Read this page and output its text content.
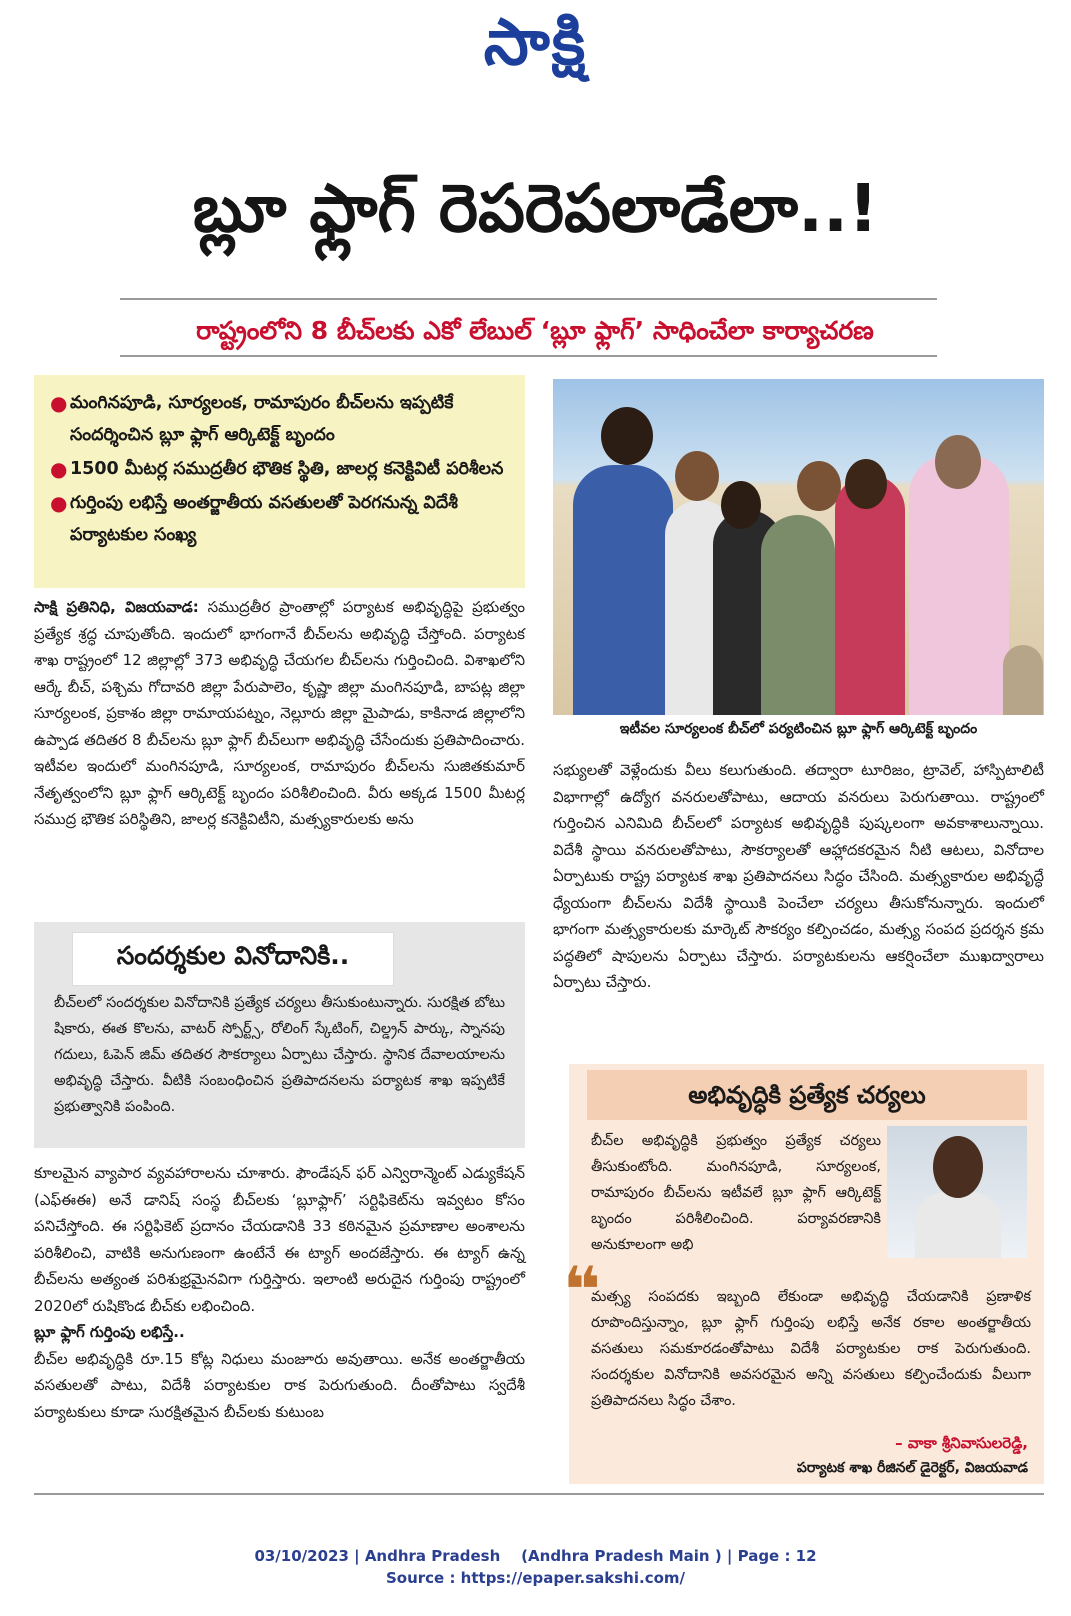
సాక్షి
బ్లూ ఫ్లాగ్ రెపరెపలాడేలా..!
రాష్ట్రంలోని 8 బీచ్‌లకు ఎకో లేబుల్ ‘బ్లూ ఫ్లాగ్’ సాధించేలా కార్యాచరణ
● మంగినపూడి, సూర్యలంక, రామాపురం బీచ్‌లను ఇప్పటికే సందర్శించిన బ్లూ ఫ్లాగ్ ఆర్కిటెక్ట్ బృందం
● 1500 మీటర్ల సముద్రతీర భౌతిక స్థితి, జాలర్ల కనెక్టివిటీ పరిశీలన
● గుర్తింపు లభిస్తే అంతర్జాతీయ వసతులతో పెరగనున్న విదేశీ పర్యాటకుల సంఖ్య
ఇటీవల సూర్యలంక బీచ్‌లో పర్యటించిన బ్లూ ఫ్లాగ్ ఆర్కిటెక్ట్ బృందం

సాక్షి ప్రతినిధి, విజయవాడ: సముద్రతీర ప్రాంతాల్లో పర్యాటక అభివృద్ధిపై ప్రభుత్వం ప్రత్యేక శ్రద్ధ చూపుతోంది. ఇందులో భాగంగానే బీచ్‌లను అభివృద్ధి చేస్తోంది. పర్యాటక శాఖ రాష్ట్రంలో 12 జిల్లాల్లో 373 అభివృద్ధి చేయగల బీచ్‌లను గుర్తించింది. విశాఖలోని ఆర్కే బీచ్, పశ్చిమ గోదావరి జిల్లా పేరుపాలెం, కృష్ణా జిల్లా మంగినపూడి, బాపట్ల జిల్లా సూర్యలంక, ప్రకాశం జిల్లా రామాయపట్నం, నెల్లూరు జిల్లా మైపాడు, కాకినాడ జిల్లాలోని ఉప్పాడ తదితర 8 బీచ్‌లను బ్లూ ఫ్లాగ్ బీచ్‌లుగా అభివృద్ధి చేసేందుకు ప్రతిపాదించారు. ఇటీవల ఇందులో మంగినపూడి, సూర్యలంక, రామాపురం బీచ్‌లను సుజితకుమార్ నేతృత్వంలోని బ్లూ ఫ్లాగ్ ఆర్కిటెక్ట్ బృందం పరిశీలించింది. వీరు అక్కడ 1500 మీటర్ల సముద్ర భౌతిక పరిస్థితిని, జాలర్ల కనెక్టివిటీని, మత్స్యకారులకు అను

సందర్శకుల వినోదానికి..
బీచ్‌లలో సందర్శకుల వినోదానికి ప్రత్యేక చర్యలు తీసుకుంటున్నారు. సురక్షిత బోటు షికారు, ఈత కొలను, వాటర్ స్పోర్ట్స్, రోలింగ్ స్కేటింగ్, చిల్డ్రన్ పార్కు, స్నానపు గదులు, ఓపెన్ జిమ్ తదితర సౌకర్యాలు ఏర్పాటు చేస్తారు. స్థానిక దేవాలయాలను అభివృద్ధి చేస్తారు. వీటికి సంబంధించిన ప్రతిపాదనలను పర్యాటక శాఖ ఇప్పటికే ప్రభుత్వానికి పంపింది.

కూలమైన వ్యాపార వ్యవహారాలను చూశారు. ఫౌండేషన్ ఫర్ ఎన్విరాన్మెంట్ ఎడ్యుకేషన్ (ఎఫ్ఈఈ) అనే డానిష్ సంస్థ బీచ్‌లకు ‘బ్లూఫ్లాగ్’ సర్టిఫికెట్‌ను ఇవ్వటం కోసం పనిచేస్తోంది. ఈ సర్టిఫికెట్ ప్రదానం చేయడానికి 33 కఠినమైన ప్రమాణాల అంశాలను పరిశీలించి, వాటికి అనుగుణంగా ఉంటేనే ఈ ట్యాగ్ అందజేస్తారు. ఈ ట్యాగ్ ఉన్న బీచ్‌లను అత్యంత పరిశుభ్రమైనవిగా గుర్తిస్తారు. ఇలాంటి అరుదైన గుర్తింపు రాష్ట్రంలో 2020లో రుషికొండ బీచ్‌కు లభించింది.

బ్లూ ఫ్లాగ్ గుర్తింపు లభిస్తే..

బీచ్‌ల అభివృద్ధికి రూ.15 కోట్ల నిధులు మంజూరు అవుతాయి. అనేక అంతర్జాతీయ వసతులతో పాటు, విదేశీ పర్యాటకుల రాక పెరుగుతుంది. దీంతోపాటు స్వదేశీ పర్యాటకులు కూడా సురక్షితమైన బీచ్‌లకు కుటుంబ

సభ్యులతో వెళ్లేందుకు వీలు కలుగుతుంది. తద్వారా టూరిజం, ట్రావెల్, హాస్పిటాలిటీ విభాగాల్లో ఉద్యోగ వనరులతోపాటు, ఆదాయ వనరులు పెరుగుతాయి. రాష్ట్రంలో గుర్తించిన ఎనిమిది బీచ్‌లలో పర్యాటక అభివృద్ధికి పుష్కలంగా అవకాశాలున్నాయి. విదేశీ స్థాయి వనరులతోపాటు, సౌకర్యాలతో ఆహ్లాదకరమైన నీటి ఆటలు, వినోదాల ఏర్పాటుకు రాష్ట్ర పర్యాటక శాఖ ప్రతిపాదనలు సిద్ధం చేసింది. మత్స్యకారుల అభివృద్ధే ధ్యేయంగా బీచ్‌లను విదేశీ స్థాయికి పెంచేలా చర్యలు తీసుకోనున్నారు. ఇందులో భాగంగా మత్స్యకారులకు మార్కెట్ సౌకర్యం కల్పించడం, మత్స్య సంపద ప్రదర్శన క్రమ పద్ధతిలో షాపులను ఏర్పాటు చేస్తారు. పర్యాటకులను ఆకర్షించేలా ముఖద్వారాలు ఏర్పాటు చేస్తారు.

అభివృద్ధికి ప్రత్యేక చర్యలు
బీచ్‌ల అభివృద్ధికి ప్రభుత్వం ప్రత్యేక చర్యలు తీసుకుంటోంది. మంగినపూడి, సూర్యలంక, రామాపురం బీచ్‌లను ఇటీవలే బ్లూ ఫ్లాగ్ ఆర్కిటెక్ట్ బృందం పరిశీలించింది. పర్యావరణానికి అనుకూలంగా అభి
❝
మత్స్య సంపదకు ఇబ్బంది లేకుండా అభివృద్ధి చేయడానికి ప్రణాళిక రూపొందిస్తున్నాం, బ్లూ ఫ్లాగ్ గుర్తింపు లభిస్తే అనేక రకాల అంతర్జాతీయ వసతులు సమకూరడంతోపాటు విదేశీ పర్యాటకుల రాక పెరుగుతుంది. సందర్శకుల వినోదానికి అవసరమైన అన్ని వసతులు కల్పించేందుకు వీలుగా ప్రతిపాదనలు సిద్ధం చేశాం.
– వాకా శ్రీనివాసులరెడ్డి,
పర్యాటక శాఖ రీజినల్ డైరెక్టర్, విజయవాడ
03/10/2023 | Andhra Pradesh    (Andhra Pradesh Main ) | Page : 12
Source : https://epaper.sakshi.com/
